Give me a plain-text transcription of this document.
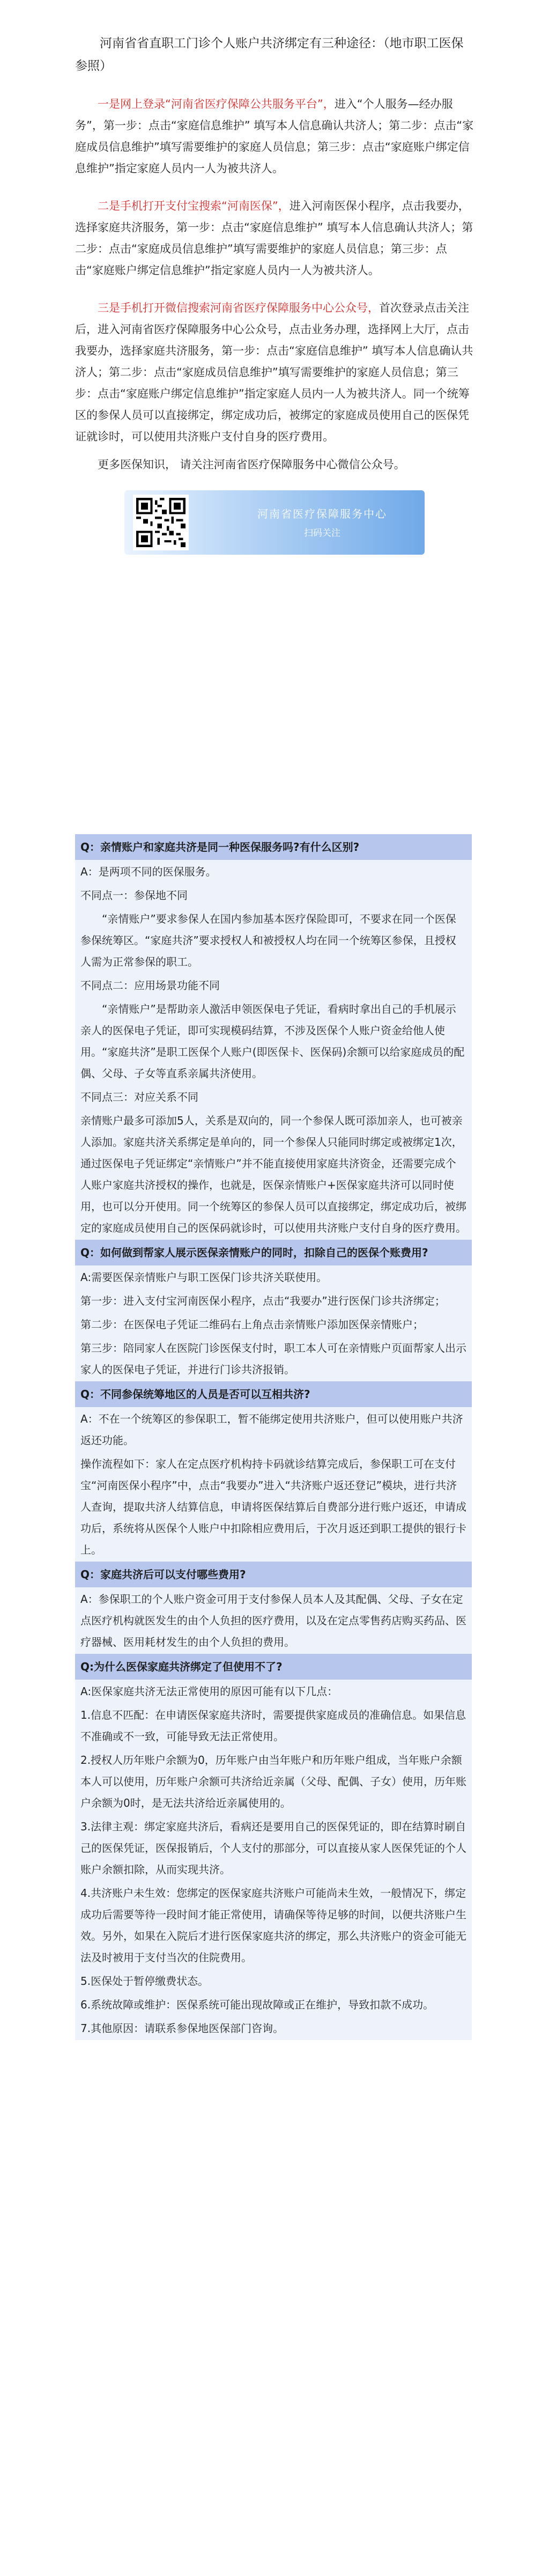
河南省省直职工门诊个人账户共济绑定有三种途径：（地市职工医保参照）
一是网上登录“河南省医疗保障公共服务平台”，进入“个人服务—经办服务”，第一步：点击“家庭信息维护” 填写本人信息确认共济人；第二步：点击“家庭成员信息维护”填写需要维护的家庭人员信息；第三步：点击“家庭账户绑定信息维护”指定家庭人员内一人为被共济人。
二是手机打开支付宝搜索“河南医保”，进入河南医保小程序，点击我要办，选择家庭共济服务，第一步：点击“家庭信息维护” 填写本人信息确认共济人；第二步：点击“家庭成员信息维护”填写需要维护的家庭人员信息；第三步：点击“家庭账户绑定信息维护”指定家庭人员内一人为被共济人。
三是手机打开微信搜索河南省医疗保障服务中心公众号，首次登录点击关注后，进入河南省医疗保障服务中心公众号，点击业务办理，选择网上大厅，点击我要办，选择家庭共济服务，第一步：点击“家庭信息维护” 填写本人信息确认共济人；第二步：点击“家庭成员信息维护”填写需要维护的家庭人员信息；第三步：点击“家庭账户绑定信息维护”指定家庭人员内一人为被共济人。同一个统筹区的参保人员可以直接绑定，绑定成功后，被绑定的家庭成员使用自己的医保凭证就诊时，可以使用共济账户支付自身的医疗费用。
更多医保知识， 请关注河南省医疗保障服务中心微信公众号。
河南省医疗保障服务中心
扫码关注
Q：亲情账户和家庭共济是同一种医保服务吗?有什么区别?
A：是两项不同的医保服务。
不同点一：参保地不同
“亲情账户”要求参保人在国内参加基本医疗保险即可，不要求在同一个医保参保统筹区。“家庭共济”要求授权人和被授权人均在同一个统筹区参保，且授权人需为正常参保的职工。
不同点二：应用场景功能不同
“亲情账户”是帮助亲人激活申领医保电子凭证，看病时拿出自己的手机展示亲人的医保电子凭证，即可实现模码结算，不涉及医保个人账户资金给他人使用。“家庭共济”是职工医保个人账户(即医保卡、医保码)余额可以给家庭成员的配偶、父母、子女等直系亲属共济使用。
不同点三：对应关系不同
亲情账户最多可添加5人，关系是双向的，同一个参保人既可添加亲人，也可被亲人添加。家庭共济关系绑定是单向的，同一个参保人只能同时绑定或被绑定1次，通过医保电子凭证绑定“亲情账户”并不能直接使用家庭共济资金，还需要完成个人账户家庭共济授权的操作，也就是，医保亲情账户+医保家庭共济可以同时使用，也可以分开使用。同一个统筹区的参保人员可以直接绑定，绑定成功后，被绑定的家庭成员使用自己的医保码就诊时，可以使用共济账户支付自身的医疗费用。
Q：如何做到帮家人展示医保亲情账户的同时，扣除自己的医保个账费用?
A:需要医保亲情账户与职工医保门诊共济关联使用。
第一步：进入支付宝河南医保小程序，点击“我要办”进行医保门诊共济绑定；
第二步：在医保电子凭证二维码右上角点击亲情账户添加医保亲情账户；
第三步：陪同家人在医院门诊医保支付时，职工本人可在亲情账户页面帮家人出示家人的医保电子凭证，并进行门诊共济报销。
Q：不同参保统筹地区的人员是否可以互相共济?
A：不在一个统筹区的参保职工，暂不能绑定使用共济账户，但可以使用账户共济返还功能。
操作流程如下：家人在定点医疗机构持卡码就诊结算完成后，参保职工可在支付宝“河南医保小程序”中，点击“我要办”进入“共济账户返还登记”模块，进行共济人查询，提取共济人结算信息，申请将医保结算后自费部分进行账户返还，申请成功后，系统将从医保个人账户中扣除相应费用后，于次月返还到职工提供的银行卡上。
Q：家庭共济后可以支付哪些费用?
A：参保职工的个人账户资金可用于支付参保人员本人及其配偶、父母、子女在定点医疗机构就医发生的由个人负担的医疗费用，以及在定点零售药店购买药品、医疗器械、医用耗材发生的由个人负担的费用。
Q:为什么医保家庭共济绑定了但使用不了?
A:医保家庭共济无法正常使用的原因可能有以下几点：
1.信息不匹配：在申请医保家庭共济时，需要提供家庭成员的准确信息。如果信息不准确或不一致，可能导致无法正常使用。
2.授权人历年账户余额为0，历年账户由当年账户和历年账户组成，当年账户余额本人可以使用，历年账户余额可共济给近亲属（父母、配偶、子女）使用，历年账户余额为0时，是无法共济给近亲属使用的。
3.法律主观：绑定家庭共济后，看病还是要用自己的医保凭证的，即在结算时刷自己的医保凭证，医保报销后，个人支付的那部分，可以直接从家人医保凭证的个人账户余额扣除，从而实现共济。
4.共济账户未生效：您绑定的医保家庭共济账户可能尚未生效，一般情况下，绑定成功后需要等待一段时间才能正常使用，请确保等待足够的时间，以便共济账户生效。另外，如果在入院后才进行医保家庭共济的绑定，那么共济账户的资金可能无法及时被用于支付当次的住院费用。
5.医保处于暂停缴费状态。
6.系统故障或维护：医保系统可能出现故障或正在维护，导致扣款不成功。
7.其他原因：请联系参保地医保部门咨询。
